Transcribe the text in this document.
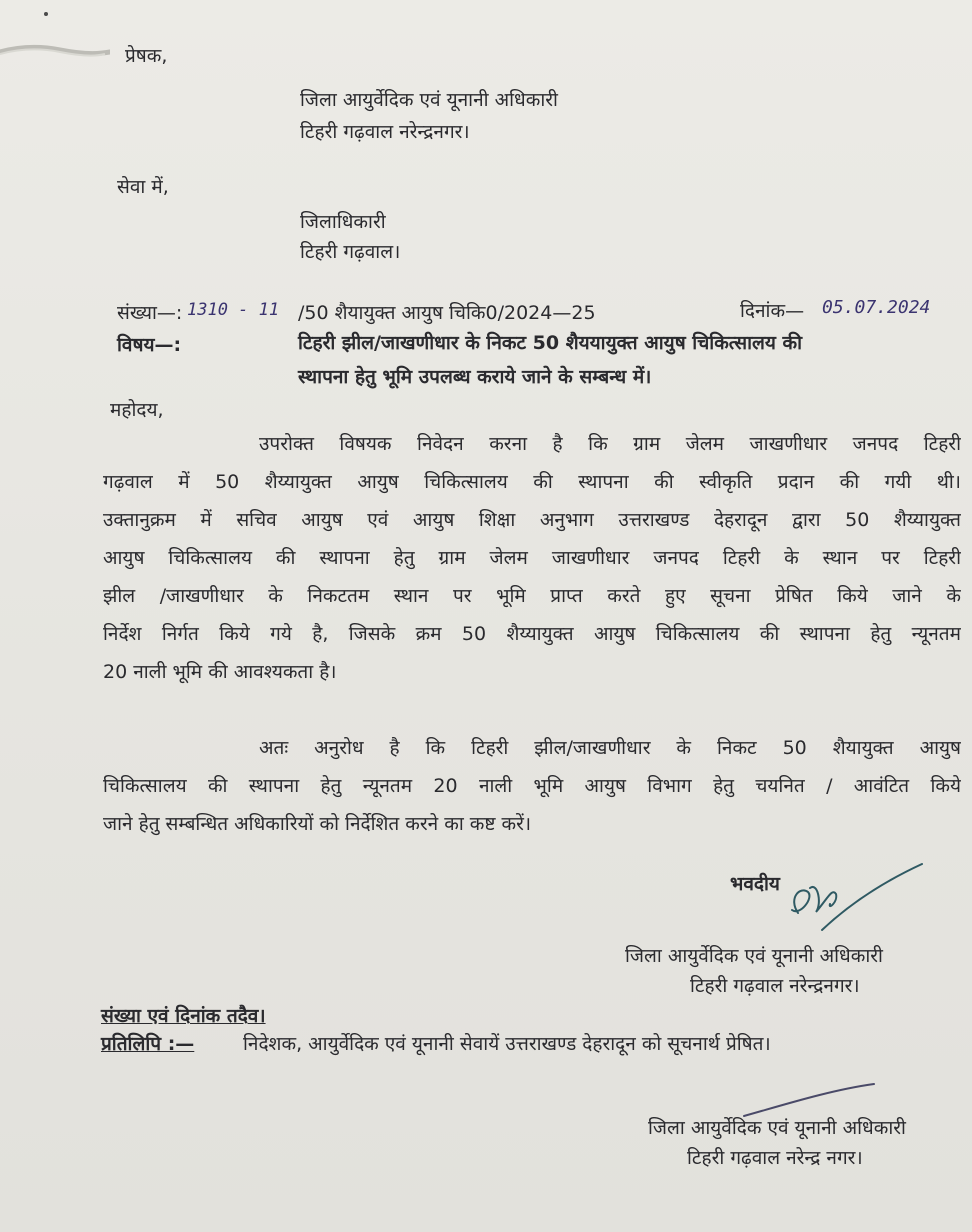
प्रेषक,
जिला आयुर्वेदिक एवं यूनानी अधिकारी
टिहरी गढ़वाल नरेन्द्रनगर।
सेवा में,
जिलाधिकारी
टिहरी गढ़वाल।
संख्या—: 1310 - 11 /50 शैयायुक्त आयुष चिकि0/2024—25	दिनांक— 05.07.2024
विषय—:	टिहरी झील/जाखणीधार के निकट 50 शैययायुक्त आयुष चिकित्सालय की
स्थापना हेतु भूमि उपलब्ध कराये जाने के सम्बन्ध में।
महोदय,
उपरोक्त विषयक निवेदन करना है कि ग्राम जेलम जाखणीधार जनपद टिहरी
गढ़वाल में 50 शैय्यायुक्त आयुष चिकित्सालय की स्थापना की स्वीकृति प्रदान की गयी थी।
उक्तानुक्रम में सचिव आयुष एवं आयुष शिक्षा अनुभाग उत्तराखण्ड देहरादून द्वारा 50 शैय्यायुक्त
आयुष चिकित्सालय की स्थापना हेतु ग्राम जेलम जाखणीधार जनपद टिहरी के स्थान पर टिहरी
झील /जाखणीधार के निकटतम स्थान पर भूमि प्राप्त करते हुए सूचना प्रेषित किये जाने के
निर्देश निर्गत किये गये है, जिसके क्रम 50 शैय्यायुक्त आयुष चिकित्सालय की स्थापना हेतु न्यूनतम
20 नाली भूमि की आवश्यकता है।
अतः अनुरोध है कि टिहरी झील/जाखणीधार के निकट 50 शैयायुक्त आयुष
चिकित्सालय की स्थापना हेतु न्यूनतम 20 नाली भूमि आयुष विभाग हेतु चयनित / आवंटित किये
जाने हेतु सम्बन्धित अधिकारियों को निर्देशित करने का कष्ट करें।
भवदीय
जिला आयुर्वेदिक एवं यूनानी अधिकारी
टिहरी गढ़वाल नरेन्द्रनगर।
संख्या एवं दिनांक तदैव।
प्रतिलिपि :—	निदेशक, आयुर्वेदिक एवं यूनानी सेवायें उत्तराखण्ड देहरादून को सूचनार्थ प्रेषित।
जिला आयुर्वेदिक एवं यूनानी अधिकारी
टिहरी गढ़वाल नरेन्द्र नगर।
